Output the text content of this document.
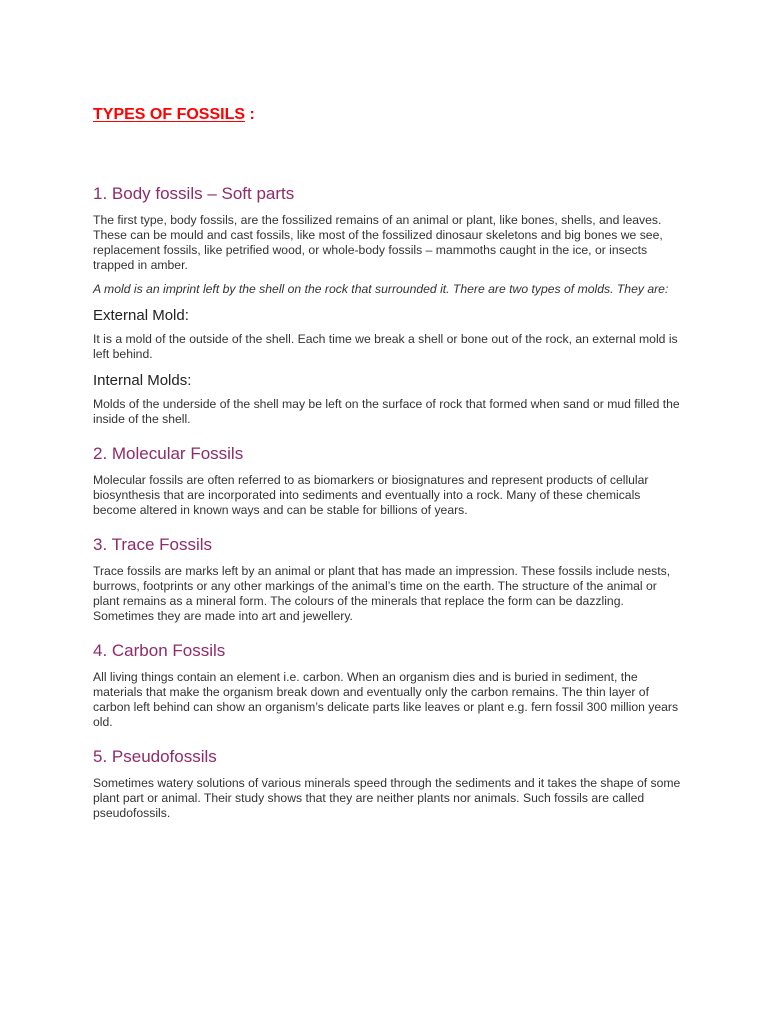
TYPES OF FOSSILS :
1. Body fossils – Soft parts

The first type, body fossils, are the fossilized remains of an animal or plant, like bones, shells, and leaves. These can be mould and cast fossils, like most of the fossilized dinosaur skeletons and big bones we see, replacement fossils, like petrified wood, or whole-body fossils – mammoths caught in the ice, or insects trapped in amber.

A mold is an imprint left by the shell on the rock that surrounded it. There are two types of molds. They are:

External Mold:

It is a mold of the outside of the shell. Each time we break a shell or bone out of the rock, an external mold is left behind.

Internal Molds:

Molds of the underside of the shell may be left on the surface of rock that formed when sand or mud filled the inside of the shell.

2. Molecular Fossils

Molecular fossils are often referred to as biomarkers or biosignatures and represent products of cellular biosynthesis that are incorporated into sediments and eventually into a rock. Many of these chemicals become altered in known ways and can be stable for billions of years.

3. Trace Fossils

Trace fossils are marks left by an animal or plant that has made an impression. These fossils include nests, burrows, footprints or any other markings of the animal’s time on the earth. The structure of the animal or plant remains as a mineral form. The colours of the minerals that replace the form can be dazzling. Sometimes they are made into art and jewellery.

4. Carbon Fossils

All living things contain an element i.e. carbon. When an organism dies and is buried in sediment, the materials that make the organism break down and eventually only the carbon remains. The thin layer of carbon left behind can show an organism’s delicate parts like leaves or plant e.g. fern fossil 300 million years old.

5. Pseudofossils

Sometimes watery solutions of various minerals speed through the sediments and it takes the shape of some plant part or animal. Their study shows that they are neither plants nor animals. Such fossils are called pseudofossils.
